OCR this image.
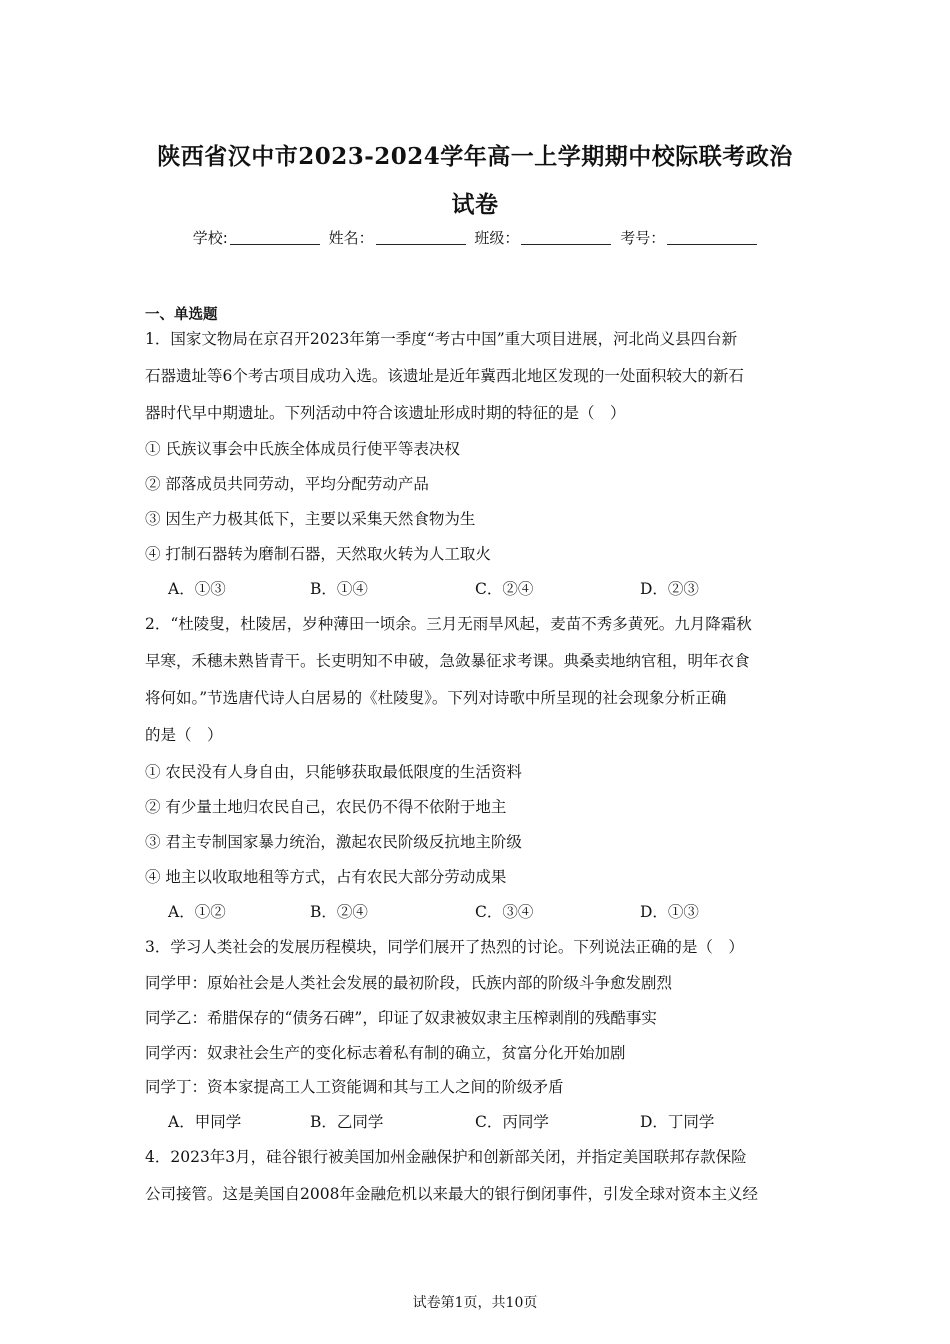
陕西省汉中市2023-2024学年高一上学期期中校际联考政治
试卷
学校:	姓名：	班级：	考号：
一、单选题
1．国家文物局在京召开2023年第一季度“考古中国”重大项目进展，河北尚义县四台新
石器遗址等6个考古项目成功入选。该遗址是近年冀西北地区发现的一处面积较大的新石
器时代早中期遗址。下列活动中符合该遗址形成时期的特征的是（　）
① 氏族议事会中氏族全体成员行使平等表决权
② 部落成员共同劳动，平均分配劳动产品
③ 因生产力极其低下，主要以采集天然食物为生
④ 打制石器转为磨制石器，天然取火转为人工取火
A．①③	B．①④	C．②④	D．②③
2．“杜陵叟，杜陵居，岁种薄田一顷余。三月无雨旱风起，麦苗不秀多黄死。九月降霜秋
早寒，禾穗未熟皆青干。长吏明知不申破，急敛暴征求考课。典桑卖地纳官租，明年衣食
将何如。”节选唐代诗人白居易的《杜陵叟》。下列对诗歌中所呈现的社会现象分析正确
的是（　）
① 农民没有人身自由，只能够获取最低限度的生活资料
② 有少量土地归农民自己，农民仍不得不依附于地主
③ 君主专制国家暴力统治，激起农民阶级反抗地主阶级
④ 地主以收取地租等方式，占有农民大部分劳动成果
A．①②	B．②④	C．③④	D．①③
3．学习人类社会的发展历程模块，同学们展开了热烈的讨论。下列说法正确的是（　）
同学甲：原始社会是人类社会发展的最初阶段，氏族内部的阶级斗争愈发剧烈
同学乙：希腊保存的“债务石碑”，印证了奴隶被奴隶主压榨剥削的残酷事实
同学丙：奴隶社会生产的变化标志着私有制的确立，贫富分化开始加剧
同学丁：资本家提高工人工资能调和其与工人之间的阶级矛盾
A．甲同学	B．乙同学	C．丙同学	D．丁同学
4．2023年3月，硅谷银行被美国加州金融保护和创新部关闭，并指定美国联邦存款保险
公司接管。这是美国自2008年金融危机以来最大的银行倒闭事件，引发全球对资本主义经
试卷第1页，共10页
